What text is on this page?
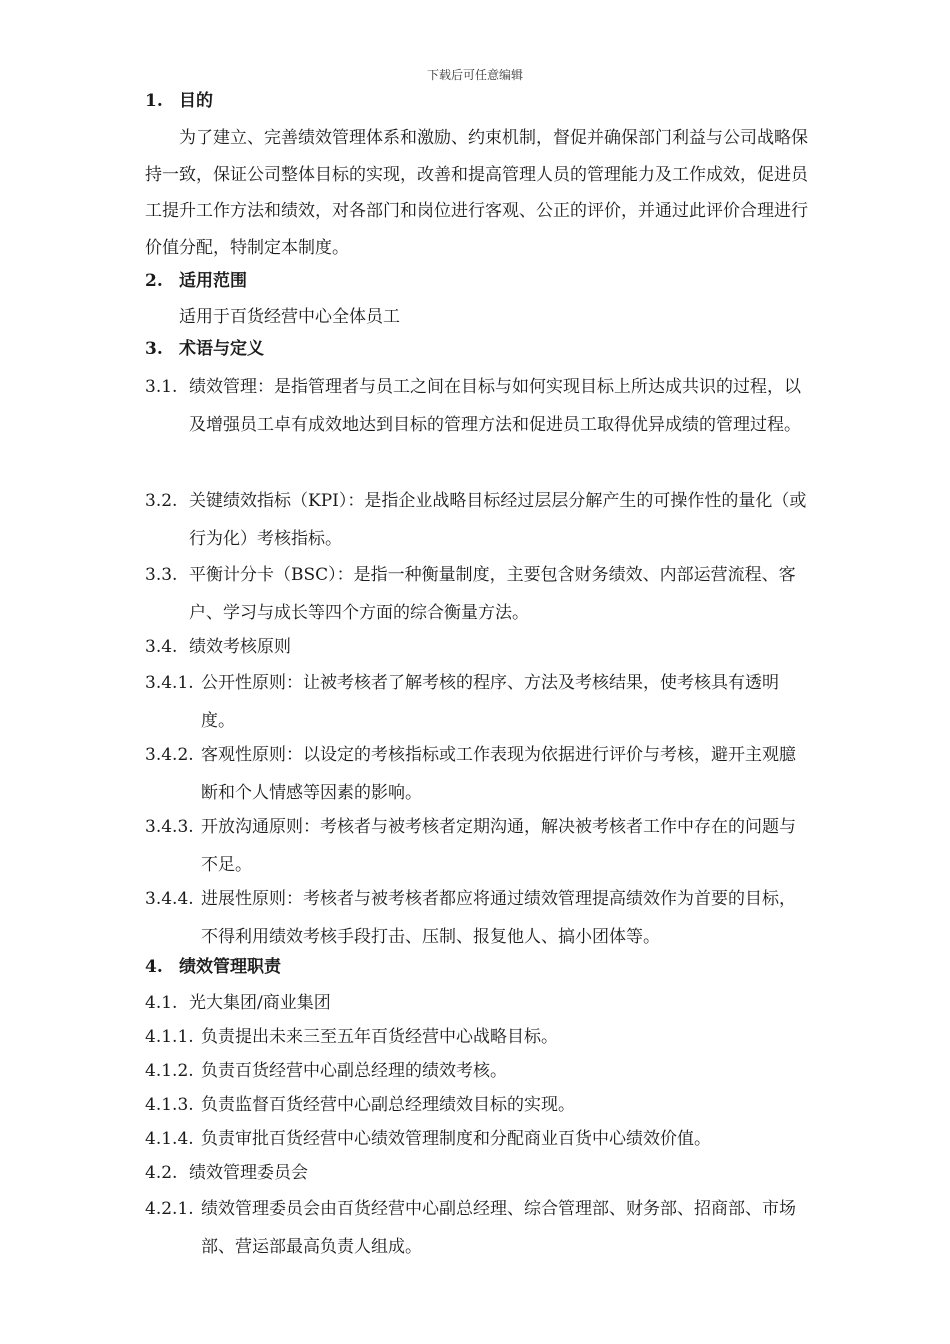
下载后可任意编辑
1. 目的
为了建立、完善绩效管理体系和激励、约束机制，督促并确保部门利益与公司战略保持一致，保证公司整体目标的实现，改善和提高管理人员的管理能力及工作成效，促进员工提升工作方法和绩效，对各部门和岗位进行客观、公正的评价，并通过此评价合理进行价值分配，特制定本制度。
2. 适用范围
适用于百货经营中心全体员工
3. 术语与定义
3.1. 绩效管理：是指管理者与员工之间在目标与如何实现目标上所达成共识的过程，以及增强员工卓有成效地达到目标的管理方法和促进员工取得优异成绩的管理过程。
3.2. 关键绩效指标（KPI）：是指企业战略目标经过层层分解产生的可操作性的量化（或行为化）考核指标。
3.3. 平衡计分卡（BSC）：是指一种衡量制度，主要包含财务绩效、内部运营流程、客户、学习与成长等四个方面的综合衡量方法。
3.4. 绩效考核原则
3.4.1. 公开性原则：让被考核者了解考核的程序、方法及考核结果，使考核具有透明度。
3.4.2. 客观性原则：以设定的考核指标或工作表现为依据进行评价与考核，避开主观臆断和个人情感等因素的影响。
3.4.3. 开放沟通原则：考核者与被考核者定期沟通，解决被考核者工作中存在的问题与不足。
3.4.4. 进展性原则：考核者与被考核者都应将通过绩效管理提高绩效作为首要的目标，不得利用绩效考核手段打击、压制、报复他人、搞小团体等。
4. 绩效管理职责
4.1. 光大集团/商业集团
4.1.1. 负责提出未来三至五年百货经营中心战略目标。
4.1.2. 负责百货经营中心副总经理的绩效考核。
4.1.3. 负责监督百货经营中心副总经理绩效目标的实现。
4.1.4. 负责审批百货经营中心绩效管理制度和分配商业百货中心绩效价值。
4.2. 绩效管理委员会
4.2.1. 绩效管理委员会由百货经营中心副总经理、综合管理部、财务部、招商部、市场部、营运部最高负责人组成。
